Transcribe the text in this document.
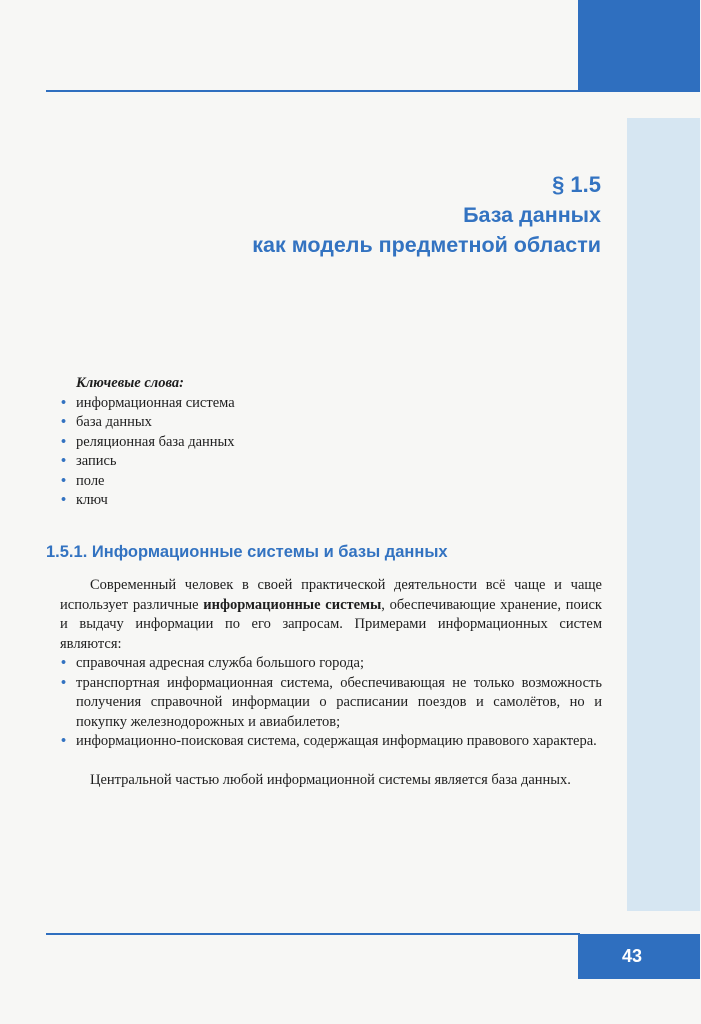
§ 1.5
База данных
как модель предметной области
Ключевые слова:
• информационная система
• база данных
• реляционная база данных
• запись
• поле
• ключ
1.5.1. Информационные системы и базы данных

Современный человек в своей практической деятельности всё чаще и чаще использует различные информационные системы, обеспечивающие хранение, поиск и выдачу информации по его запросам. Примерами информационных систем являются:

• справочная адресная служба большого города;
• транспортная информационная система, обеспечивающая не только возможность получения справочной информации о расписании поездов и самолётов, но и покупку железнодорожных и авиабилетов;
• информационно-поисковая система, содержащая информацию правового характера.

Центральной частью любой информационной системы является база данных.

43
